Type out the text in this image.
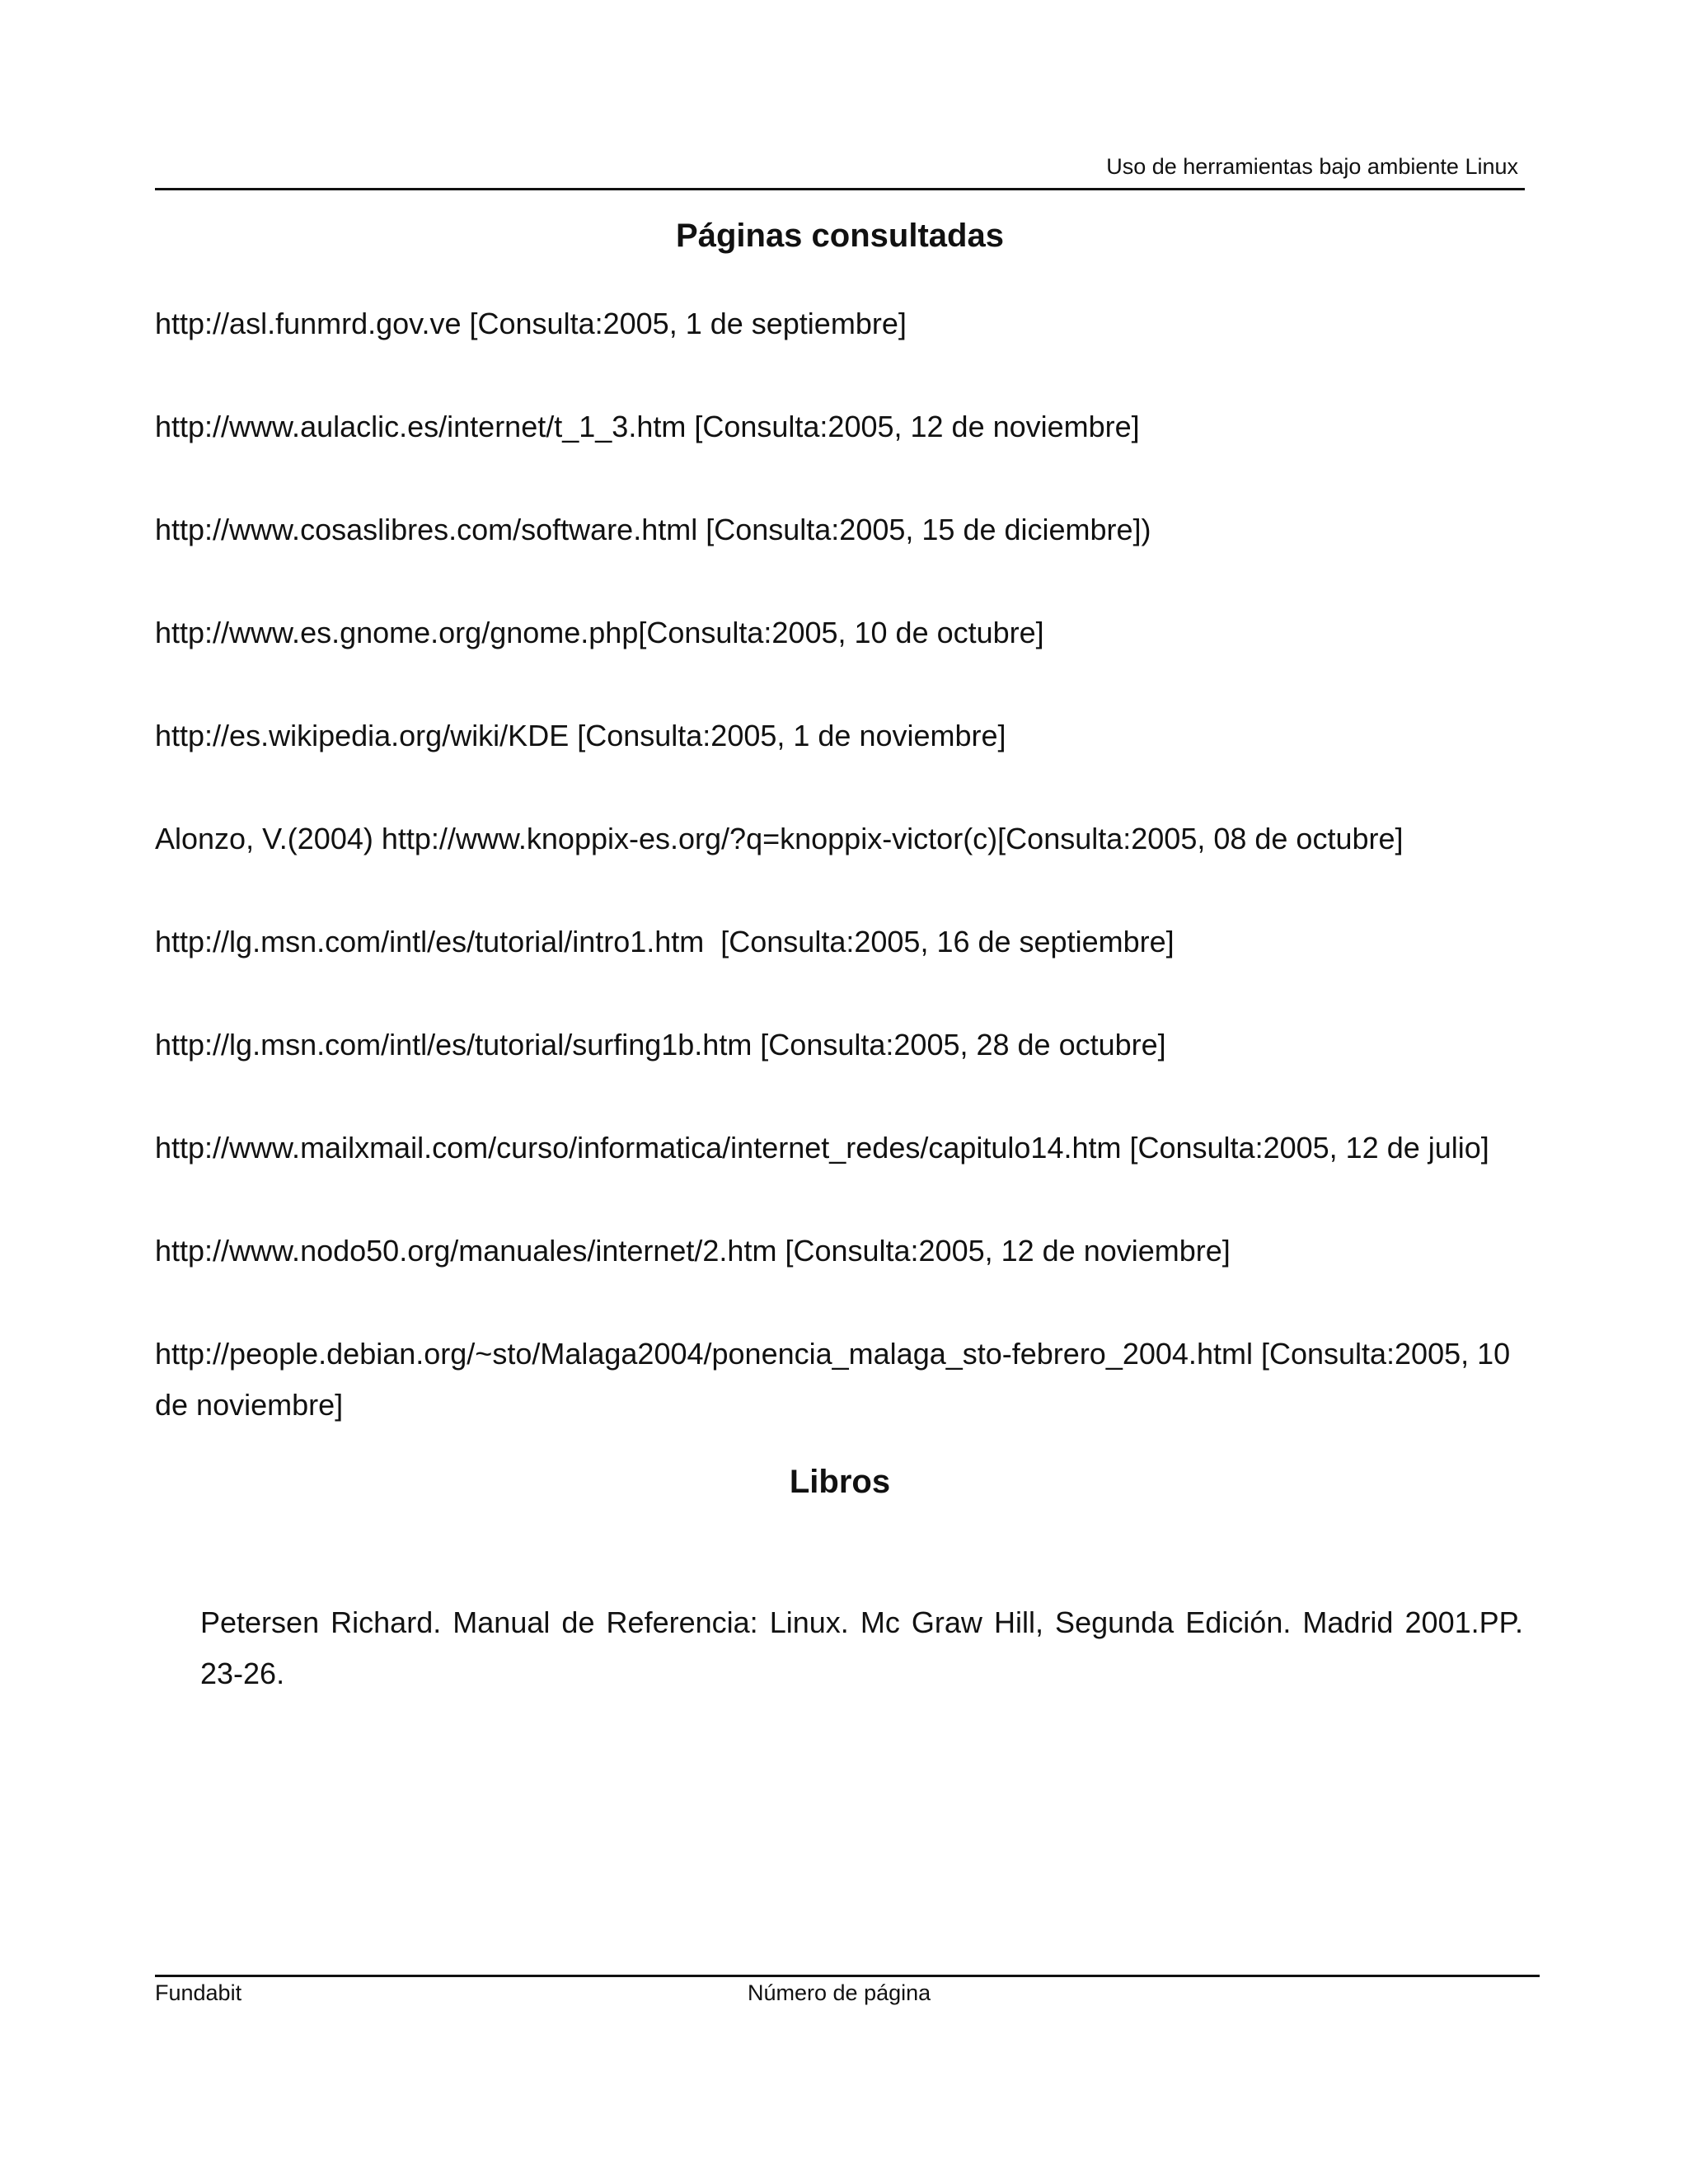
Uso de herramientas bajo ambiente Linux
Páginas consultadas
http://asl.funmrd.gov.ve [Consulta:2005, 1 de septiembre]
http://www.aulaclic.es/internet/t_1_3.htm [Consulta:2005, 12 de noviembre]
http://www.cosaslibres.com/software.html [Consulta:2005, 15 de diciembre])
http://www.es.gnome.org/gnome.php[Consulta:2005, 10 de octubre]
http://es.wikipedia.org/wiki/KDE [Consulta:2005, 1 de noviembre]
Alonzo, V.(2004) http://www.knoppix-es.org/?q=knoppix-victor(c)[Consulta:2005, 08 de octubre]
http://lg.msn.com/intl/es/tutorial/intro1.htm  [Consulta:2005, 16 de septiembre]
http://lg.msn.com/intl/es/tutorial/surfing1b.htm [Consulta:2005, 28 de octubre]
http://www.mailxmail.com/curso/informatica/internet_redes/capitulo14.htm [Consulta:2005, 12 de julio]
http://www.nodo50.org/manuales/internet/2.htm [Consulta:2005, 12 de noviembre]
http://people.debian.org/~sto/Malaga2004/ponencia_malaga_sto-febrero_2004.html [Consulta:2005, 10 de noviembre]
Libros
Petersen Richard. Manual de Referencia: Linux. Mc Graw Hill, Segunda Edición. Madrid 2001.PP. 23-26.
Fundabit	Número de página
